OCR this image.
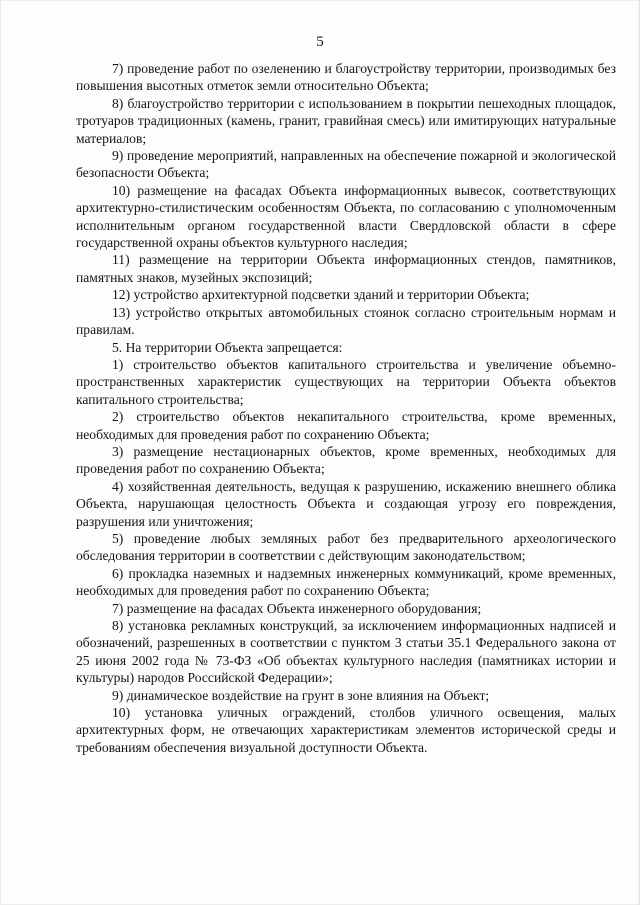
5

7) проведение работ по озеленению и благоустройству территории, производимых без повышения высотных отметок земли относительно Объекта;

8) благоустройство территории с использованием в покрытии пешеходных площадок, тротуаров традиционных (камень, гранит, гравийная смесь) или имитирующих натуральные материалов;

9) проведение мероприятий, направленных на обеспечение пожарной и экологической безопасности Объекта;

10) размещение на фасадах Объекта информационных вывесок, соответствующих архитектурно-стилистическим особенностям Объекта, по согласованию с уполномоченным исполнительным органом государственной власти Свердловской области в сфере государственной охраны объектов культурного наследия;

11) размещение на территории Объекта информационных стендов, памятников, памятных знаков, музейных экспозиций;

12) устройство архитектурной подсветки зданий и территории Объекта;

13) устройство открытых автомобильных стоянок согласно строительным нормам и правилам.

5. На территории Объекта запрещается:

1) строительство объектов капитального строительства и увеличение объемно-пространственных характеристик существующих на территории Объекта объектов капитального строительства;

2) строительство объектов некапитального строительства, кроме временных, необходимых для проведения работ по сохранению Объекта;

3) размещение нестационарных объектов, кроме временных, необходимых для проведения работ по сохранению Объекта;

4) хозяйственная деятельность, ведущая к разрушению, искажению внешнего облика Объекта, нарушающая целостность Объекта и создающая угрозу его повреждения, разрушения или уничтожения;

5) проведение любых земляных работ без предварительного археологического обследования территории в соответствии с действующим законодательством;

6) прокладка наземных и надземных инженерных коммуникаций, кроме временных, необходимых для проведения работ по сохранению Объекта;

7) размещение на фасадах Объекта инженерного оборудования;

8) установка рекламных конструкций, за исключением информационных надписей и обозначений, разрешенных в соответствии с пунктом 3 статьи 35.1 Федерального закона от 25 июня 2002 года № 73-ФЗ «Об объектах культурного наследия (памятниках истории и культуры) народов Российской Федерации»;

9) динамическое воздействие на грунт в зоне влияния на Объект;

10) установка уличных ограждений, столбов уличного освещения, малых архитектурных форм, не отвечающих характеристикам элементов исторической среды и требованиям обеспечения визуальной доступности Объекта.
